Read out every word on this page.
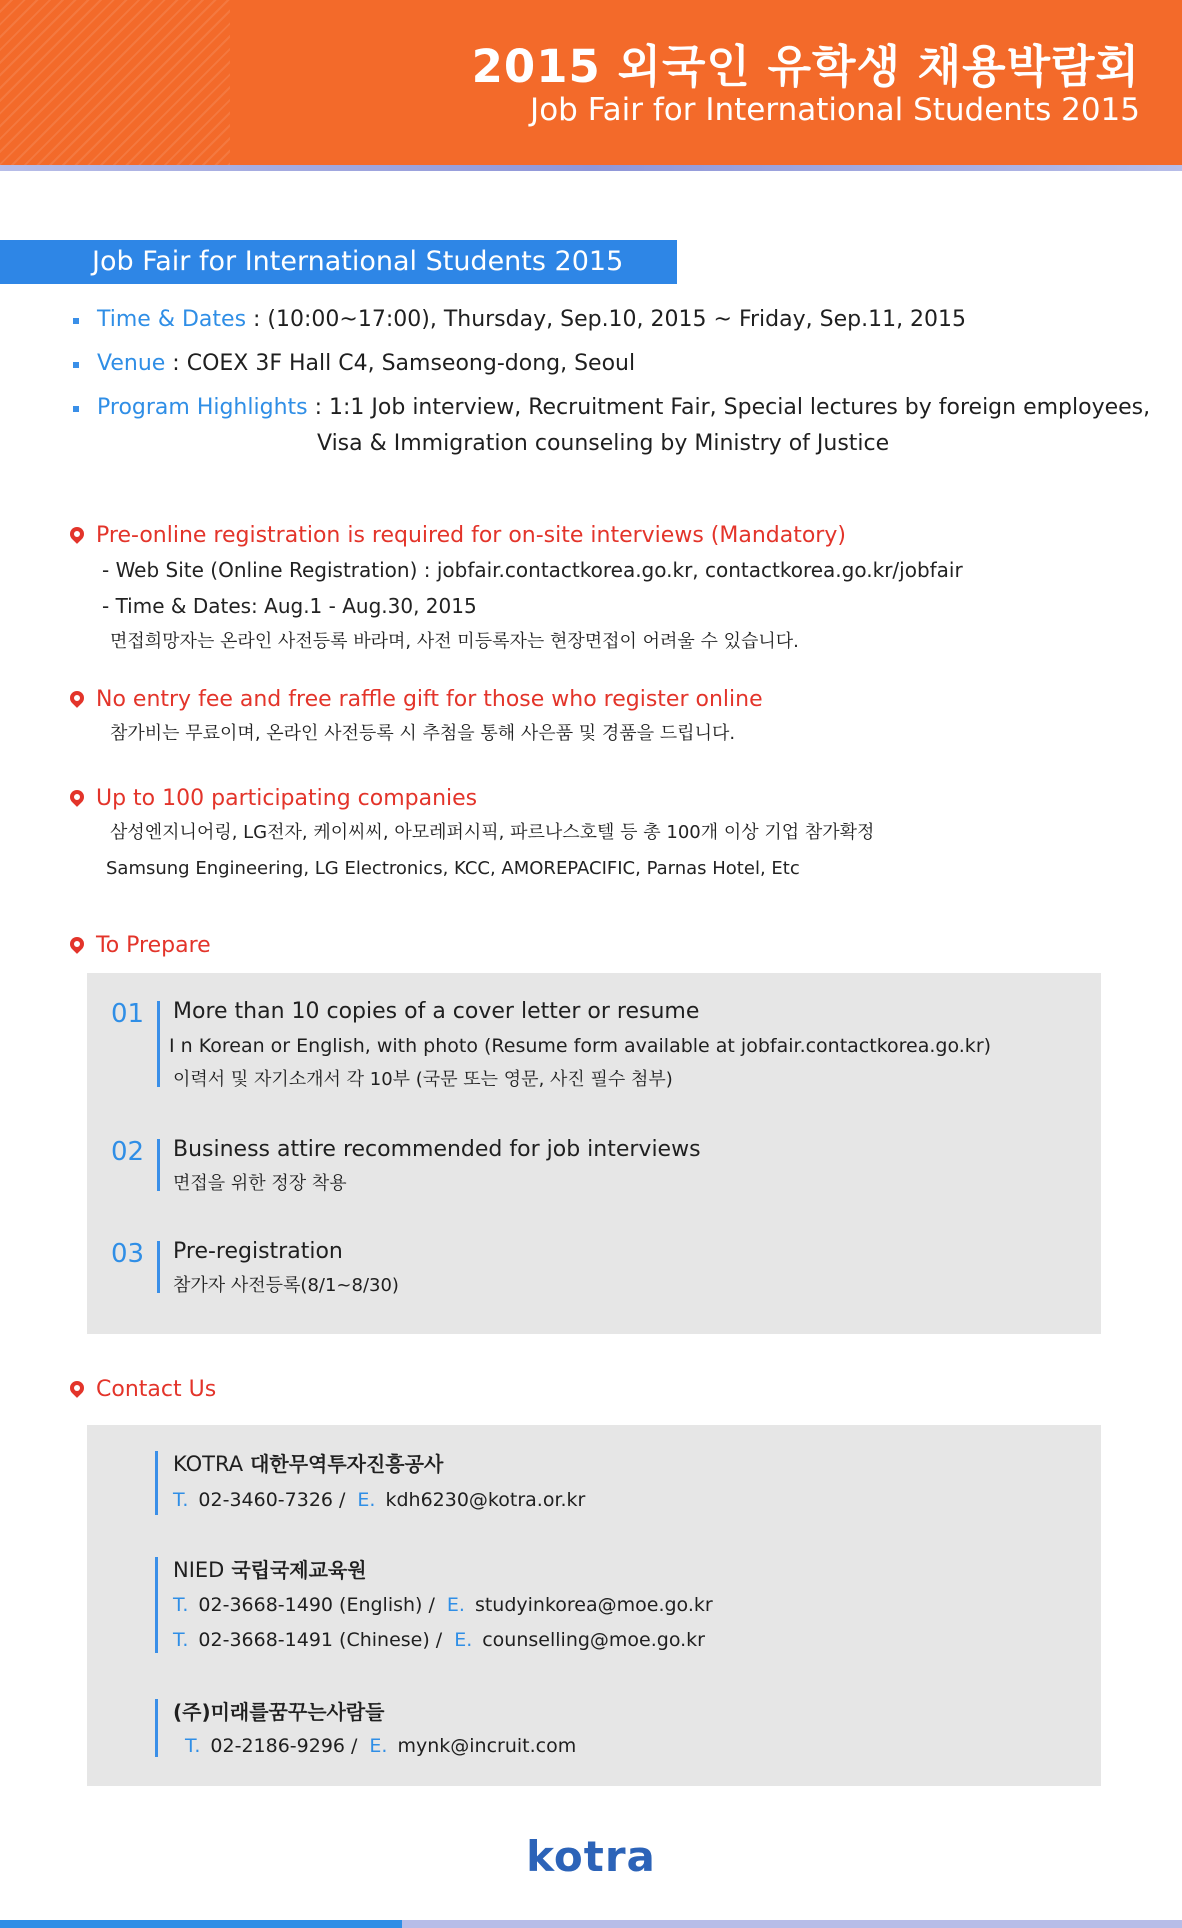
2015 외국인 유학생 채용박람회
Job Fair for International Students 2015
Job Fair for International Students 2015
Time & Dates : (10:00~17:00), Thursday, Sep.10, 2015 ~ Friday, Sep.11, 2015
Venue : COEX 3F Hall C4, Samseong-dong, Seoul
Program Highlights : 1:1 Job interview, Recruitment Fair, Special lectures by foreign employees,
Visa & Immigration counseling by Ministry of Justice
Pre-online registration is required for on-site interviews (Mandatory)
- Web Site (Online Registration) : jobfair.contactkorea.go.kr, contactkorea.go.kr/jobfair
- Time & Dates: Aug.1 - Aug.30, 2015
면접희망자는 온라인 사전등록 바라며, 사전 미등록자는 현장면접이 어려울 수 있습니다.
No entry fee and free raffle gift for those who register online
참가비는 무료이며, 온라인 사전등록 시 추첨을 통해 사은품 및 경품을 드립니다.
Up to 100 participating companies
삼성엔지니어링, LG전자, 케이씨씨, 아모레퍼시픽, 파르나스호텔 등 총 100개 이상 기업 참가확정
Samsung Engineering, LG Electronics, KCC, AMOREPACIFIC, Parnas Hotel, Etc
To Prepare
01	More than 10 copies of a cover letter or resume
I n Korean or English, with photo (Resume form available at jobfair.contactkorea.go.kr)
이력서 및 자기소개서 각 10부 (국문 또는 영문, 사진 필수 첨부)
02	Business attire recommended for job interviews
면접을 위한 정장 착용
03	Pre-registration
참가자 사전등록(8/1~8/30)
Contact Us
KOTRA 대한무역투자진흥공사
T. 02-3460-7326 / E. kdh6230@kotra.or.kr
NIED 국립국제교육원
T. 02-3668-1490 (English) / E. studyinkorea@moe.go.kr
T. 02-3668-1491 (Chinese) / E. counselling@moe.go.kr
(주)미래를꿈꾸는사람들
T. 02-2186-9296 / E. mynk@incruit.com
kotra
